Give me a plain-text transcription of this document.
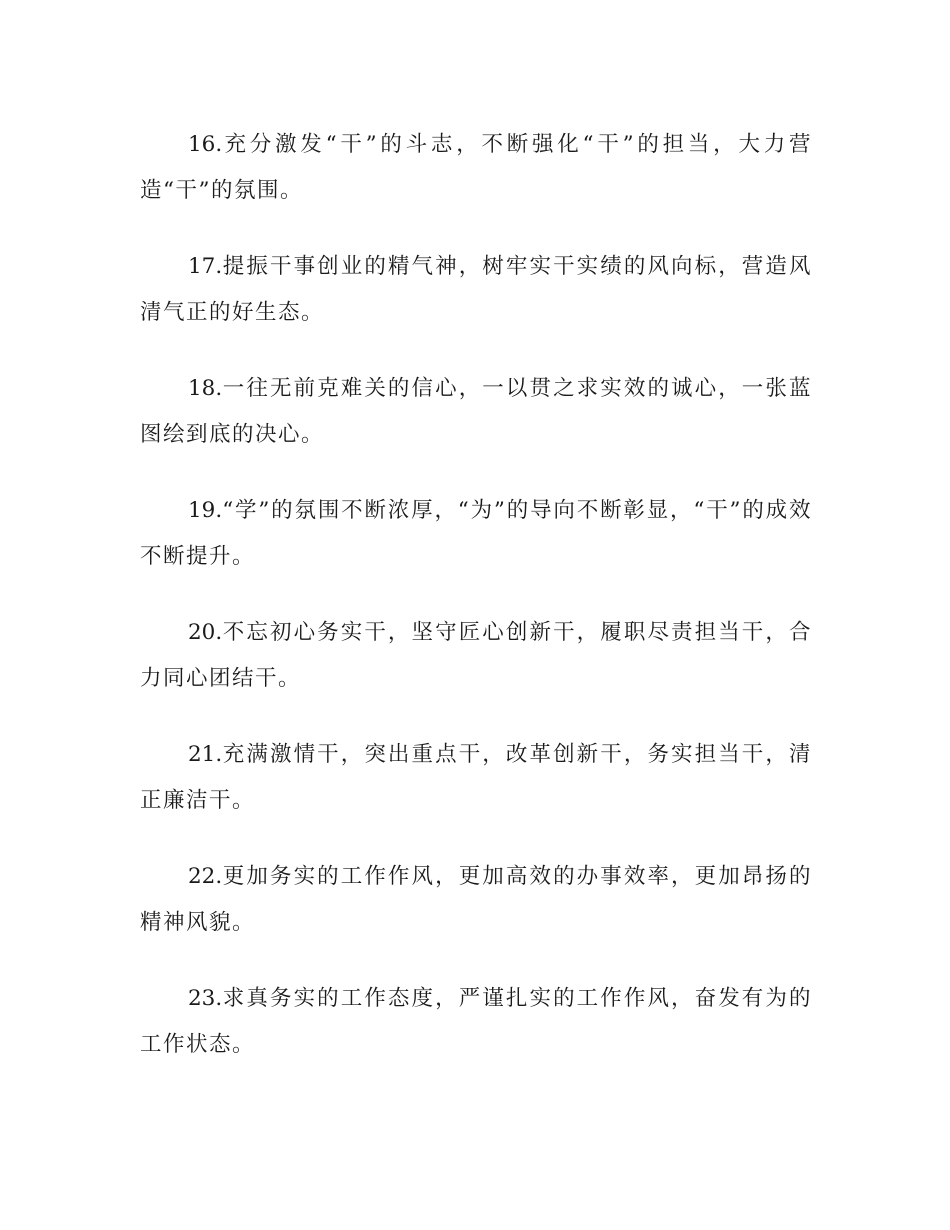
16.充分激发“干”的斗志，不断强化“干”的担当，大力营造“干”的氛围。

17.提振干事创业的精气神，树牢实干实绩的风向标，营造风清气正的好生态。

18.一往无前克难关的信心，一以贯之求实效的诚心，一张蓝图绘到底的决心。

19.“学”的氛围不断浓厚，“为”的导向不断彰显，“干”的成效不断提升。

20.不忘初心务实干，坚守匠心创新干，履职尽责担当干，合力同心团结干。

21.充满激情干，突出重点干，改革创新干，务实担当干，清正廉洁干。

22.更加务实的工作作风，更加高效的办事效率，更加昂扬的精神风貌。

23.求真务实的工作态度，严谨扎实的工作作风，奋发有为的工作状态。
